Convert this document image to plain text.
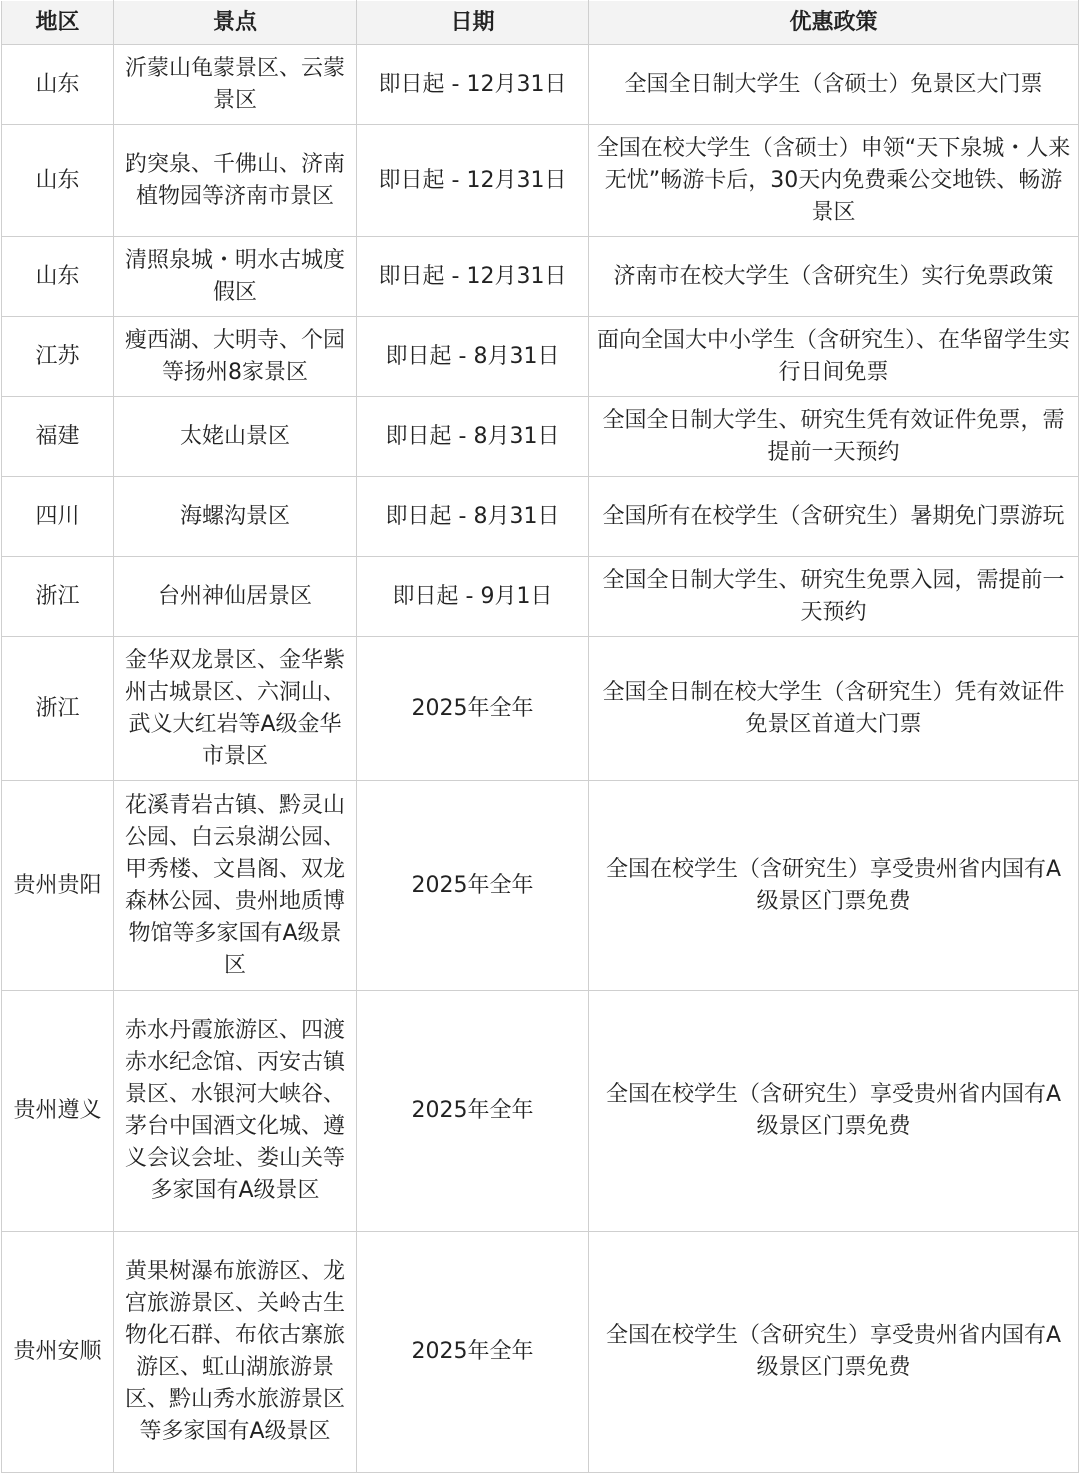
地区	景点	日期	优惠政策
山东	沂蒙山龟蒙景区、云蒙景区	即日起 - 12月31日	全国全日制大学生（含硕士）免景区大门票
山东	趵突泉、千佛山、济南植物园等济南市景区	即日起 - 12月31日	全国在校大学生（含硕士）申领“天下泉城・人来无忧”畅游卡后，30天内免费乘公交地铁、畅游景区
山东	清照泉城・明水古城度假区	即日起 - 12月31日	济南市在校大学生（含研究生）实行免票政策
江苏	瘦西湖、大明寺、个园等扬州8家景区	即日起 - 8月31日	面向全国大中小学生（含研究生）、在华留学生实行日间免票
福建	太姥山景区	即日起 - 8月31日	全国全日制大学生、研究生凭有效证件免票，需提前一天预约
四川	海螺沟景区	即日起 - 8月31日	全国所有在校学生（含研究生）暑期免门票游玩
浙江	台州神仙居景区	即日起 - 9月1日	全国全日制大学生、研究生免票入园，需提前一天预约
浙江	金华双龙景区、金华紫州古城景区、六洞山、武义大红岩等A级金华市景区	2025年全年	全国全日制在校大学生（含研究生）凭有效证件免景区首道大门票
贵州贵阳	花溪青岩古镇、黔灵山公园、白云泉湖公园、甲秀楼、文昌阁、双龙森林公园、贵州地质博物馆等多家国有A级景区	2025年全年	全国在校学生（含研究生）享受贵州省内国有A级景区门票免费
贵州遵义	赤水丹霞旅游区、四渡赤水纪念馆、丙安古镇景区、水银河大峡谷、茅台中国酒文化城、遵义会议会址、娄山关等多家国有A级景区	2025年全年	全国在校学生（含研究生）享受贵州省内国有A级景区门票免费
贵州安顺	黄果树瀑布旅游区、龙宫旅游景区、关岭古生物化石群、布依古寨旅游区、虹山湖旅游景区、黔山秀水旅游景区等多家国有A级景区	2025年全年	全国在校学生（含研究生）享受贵州省内国有A级景区门票免费
